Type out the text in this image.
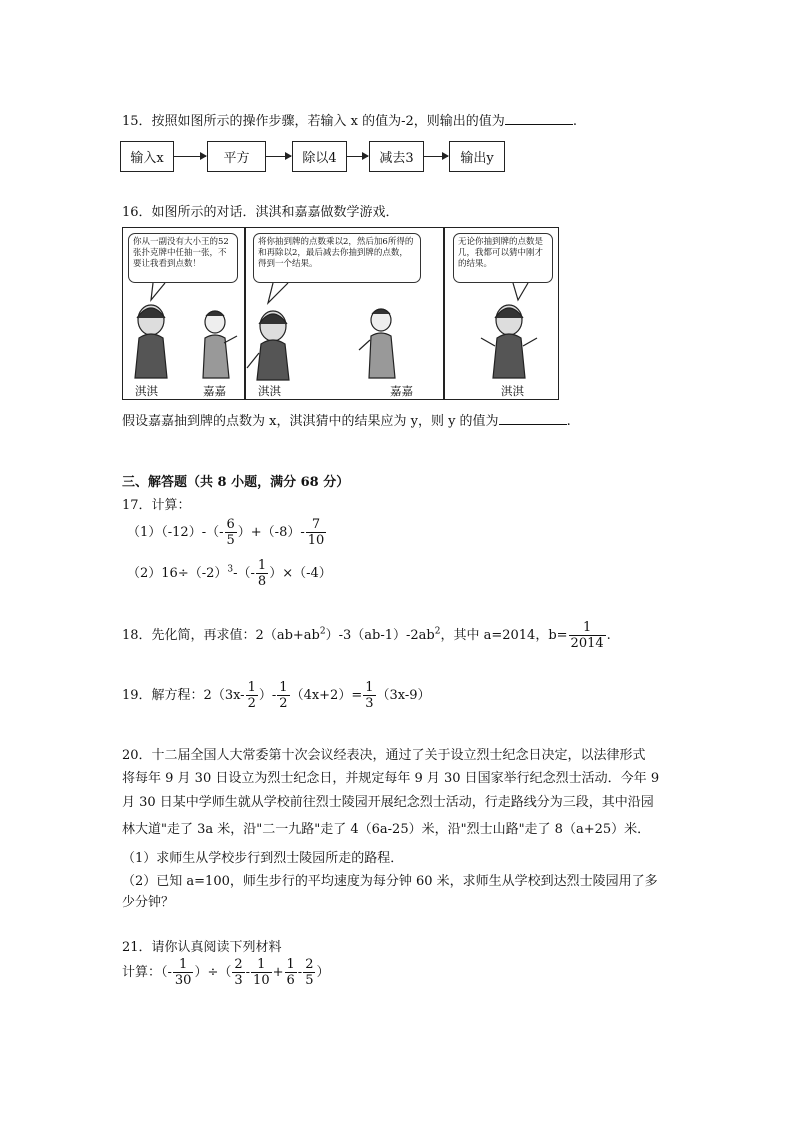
15．按照如图所示的操作步骤，若输入 x 的值为-2，则输出的值为	.
输入x	平方	除以4	减去3	输出y
16．如图所示的对话．淇淇和嘉嘉做数学游戏．
你从一副没有大小王的52张扑克牌中任抽一张，不要让我看到点数！
将你抽到牌的点数乘以2，然后加6所得的和再除以2，最后减去你抽到牌的点数，得到一个结果。
无论你抽到牌的点数是几，我都可以猜中刚才的结果。
淇淇	嘉嘉	淇淇	嘉嘉	淇淇
假设嘉嘉抽到牌的点数为 x，淇淇猜中的结果应为 y，则 y 的值为	.
三、解答题（共 8 小题，满分 68 分）
17．计算：
$(1)(-12)-(- \frac{6}{5} )+(-8)- \frac{7}{10}$
$(2)16\div(-2)^3-(- \frac{1}{8} )\times(-4)$
18．先化简，再求值：$2(ab+ab^2)-3(ab-1)-2ab^2$，其中 a=2014，$b= \frac{1}{2014}$ .
19．解方程：$2(3x- \frac{1}{2}$ ）- $\frac{1}{2} (4x+2)= \frac{1}{3} (3x-9)$
20．十二届全国人大常委第十次会议经表决，通过了关于设立烈士纪念日决定，以法律形式
将每年 9 月 30 日设立为烈士纪念日，并规定每年 9 月 30 日国家举行纪念烈士活动．今年 9
月 30 日某中学师生就从学校前往烈士陵园开展纪念烈士活动，行走路线分为三段，其中沿园
林大道"走了 3a 米，沿"二一九路"走了 4（6a-25）米，沿"烈士山路"走了 8（a+25）米．
（1）求师生从学校步行到烈士陵园所走的路程．
（2）已知 a=100，师生步行的平均速度为每分钟 60 米，求师生从学校到达烈士陵园用了多
少分钟？
21．请你认真阅读下列材料
计算：（- $\frac{1}{30}$ ）÷（ $\frac{2}{3} - \frac{1}{10} + \frac{1}{6} - \frac{2}{5}$ ）
